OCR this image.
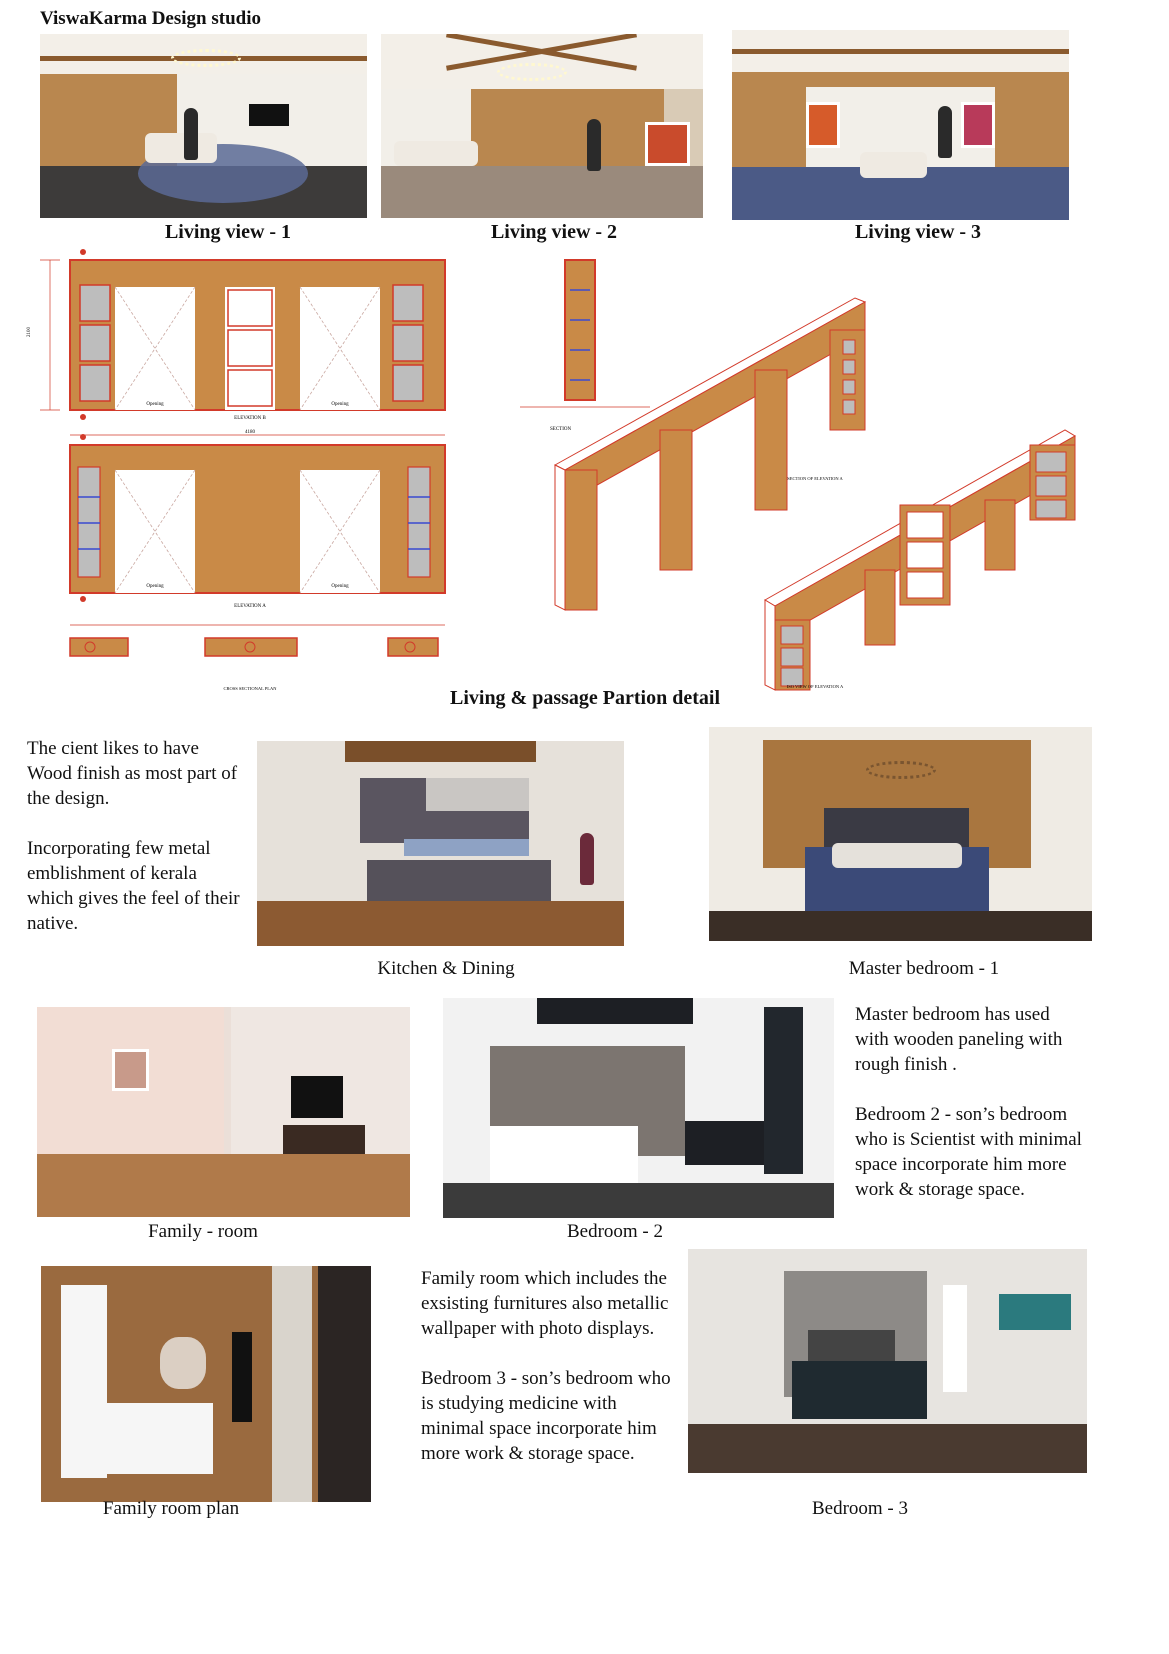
ViswaKarma Design studio
Living view - 1	Living view - 2	Living view - 3
Opening	Opening
ELEVATION B
2100
4180
Opening	Opening
ELEVATION A
CROSS SECTIONAL PLAN
SECTION
SECTION OF ELEVATION A
ISO VIEW OF ELEVATION A
Living & passage Partion detail

The cient likes to have Wood finish as most part of the design.

Incorporating few metal emblishment of kerala which gives the feel of their native.

Kitchen & Dining	Master bedroom - 1

Master bedroom has used with wooden paneling with rough finish .

Bedroom 2 - son’s bedroom who is Scientist with minimal space incorporate him more work & storage space.

Family - room	Bedroom - 2

Family room which includes the exsisting furnitures also metallic wallpaper with photo displays.

Bedroom 3 - son’s bedroom who is studying medicine with minimal space incorporate him more work & storage space.

Family room plan	Bedroom - 3
